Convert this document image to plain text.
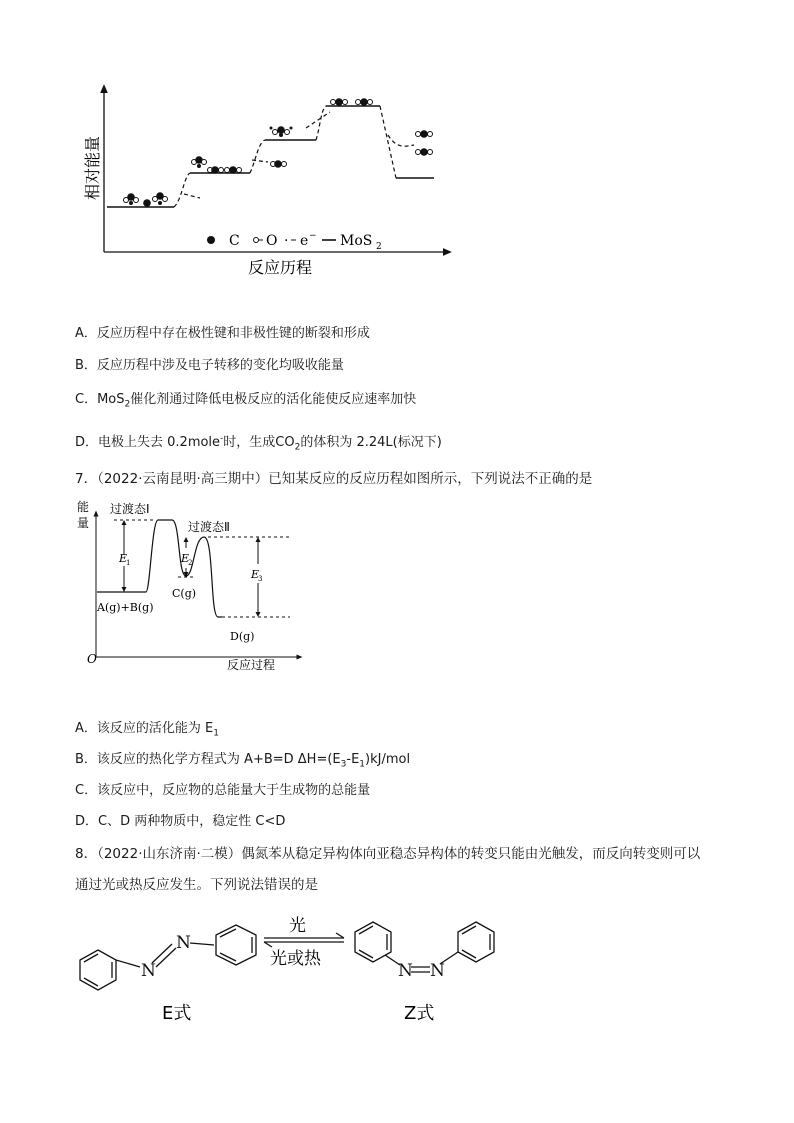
相对能量
反应历程
C O · e − MoS 2
A．反应历程中存在极性键和非极性键的断裂和形成
B．反应历程中涉及电子转移的变化均吸收能量
C．MoS$_2$催化剂通过降低电极反应的活化能使反应速率加快
D．电极上失去 0.2mole-时，生成$CO_2$的体积为 2.24L(标况下)
7．（2022·云南昆明·高三期中）已知某反应的反应历程如图所示，下列说法不正确的是
能
量
O	反应过程
E
1	E
2
E
3
过渡态Ⅰ
过渡态Ⅱ
C(g)
A(g)+B(g)
D(g)
A．该反应的活化能为 $E_1$
B．该反应的热化学方程式为 A+B=D $\Delta H=(E_3-E_1)kJ$/mol
C．该反应中，反应物的总能量大于生成物的总能量
D．C、D 两种物质中，稳定性 C<D
8．（2022·山东济南·二模）偶氮苯从稳定异构体向亚稳态异构体的转变只能由光触发，而反向转变则可以
通过光或热反应发生。下列说法错误的是
N
N
N N
光
光或热
E式	Z式
